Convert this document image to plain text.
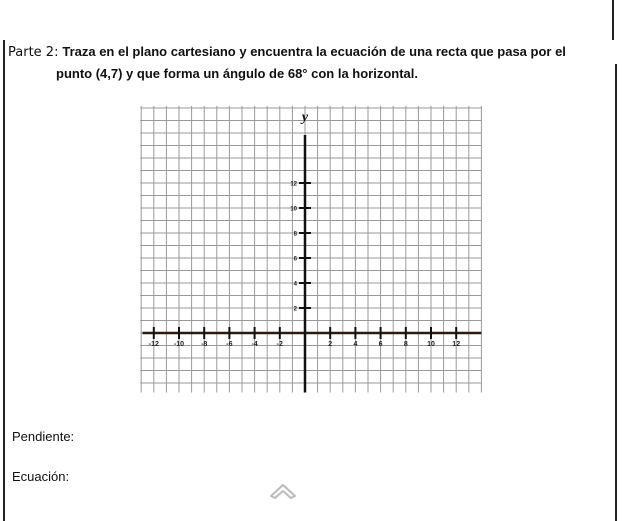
Parte 2: Traza en el plano cartesiano y encuentra la ecuación de una recta que pasa por el
punto (4,7) y que forma un ángulo de 68° con la horizontal.
-12 -10 -8	-6	-4	-2	2	4	6	8	10 12
2
4
6
8
10
12
y
Pendiente:
Ecuación:
